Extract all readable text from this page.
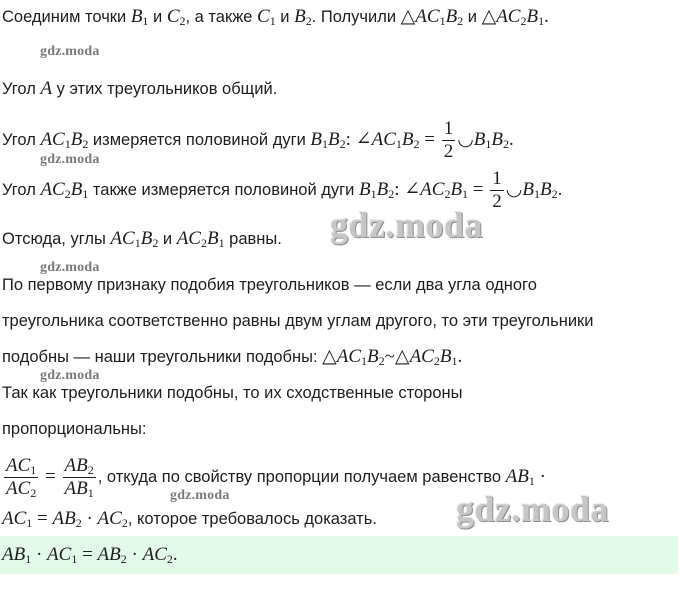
Соединим точки $B_1$ и $C_2$, а также $C_1$ и $B_2$. Получили $\triangle AC_1B_2$ и $\triangle AC_2B_1$.
gdz.moda
Угол A у этих треугольников общий.
Угол $AC_1B_2$ измеряется половиной дуги $B_1B_2$: $\angle AC_1B_2 = \frac{1}{2}$ $◡B_1B_2$.
gdz.moda
Угол $AC_2B_1$ также измеряется половиной дуги $B_1B_2$: $\angle AC_2B_1 = \frac{1}{2}$ $◡B_1B_2$.
Отсюда, углы $AC_1B_2$ и $AC_2B_1$ равны. gdz.moda
gdz.moda
По первому признаку подобия треугольников — если два угла одного
треугольника соответственно равны двум углам другого, то эти треугольники
подобны — наши треугольники подобны: $\triangle AC_1B_2\sim\triangle AC_2B_1$.
gdz.moda
Так как треугольники подобны, то их сходственные стороны
пропорциональны:
$\frac{AC_1}{AC_2} = \frac{AB_2}{AB_1}$ , откуда по свойству пропорции получаем равенство $AB_1$ ·
gdz.moda
$AC_1 = AB_2 \cdot AC_2$, которое требовалось доказать. gdz.moda
$AB_1 \cdot AC_1 = AB_2 \cdot AC_2$.
